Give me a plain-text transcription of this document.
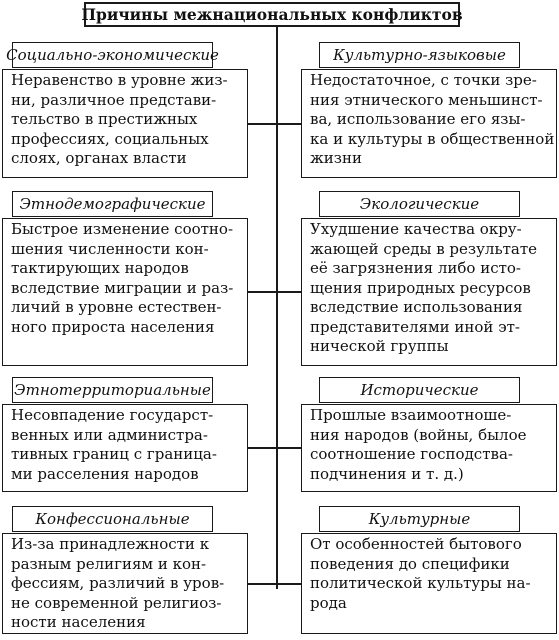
Причины межнациональных конфликтов
Социально-экономические
Неравенство в уровне жиз-
ни, различное представи-
тельство в престижных
профессиях, социальных
слоях, органах власти
Культурно-языковые
Недостаточное, с точки зре-
ния этнического меньшинст-
ва, использование его язы-
ка и культуры в общественной
жизни
Этнодемографические
Быстрое изменение соотно-
шения численности кон-
тактирующих народов
вследствие миграции и раз-
личий в уровне естествен-
ного прироста населения
Экологические
Ухудшение качества окру-
жающей среды в результате
её загрязнения либо исто-
щения природных ресурсов
вследствие использования
представителями иной эт-
нической группы
Этнотерриториальные
Несовпадение государст-
венных или администра-
тивных границ с граница-
ми расселения народов
Исторические
Прошлые взаимоотноше-
ния народов (войны, былое
соотношение господства-
подчинения и т. д.)
Конфессиональные
Из-за принадлежности к
разным религиям и кон-
фессиям, различий в уров-
не современной религиоз-
ности населения
Культурные
От особенностей бытового
поведения до специфики
политической культуры на-
рода
